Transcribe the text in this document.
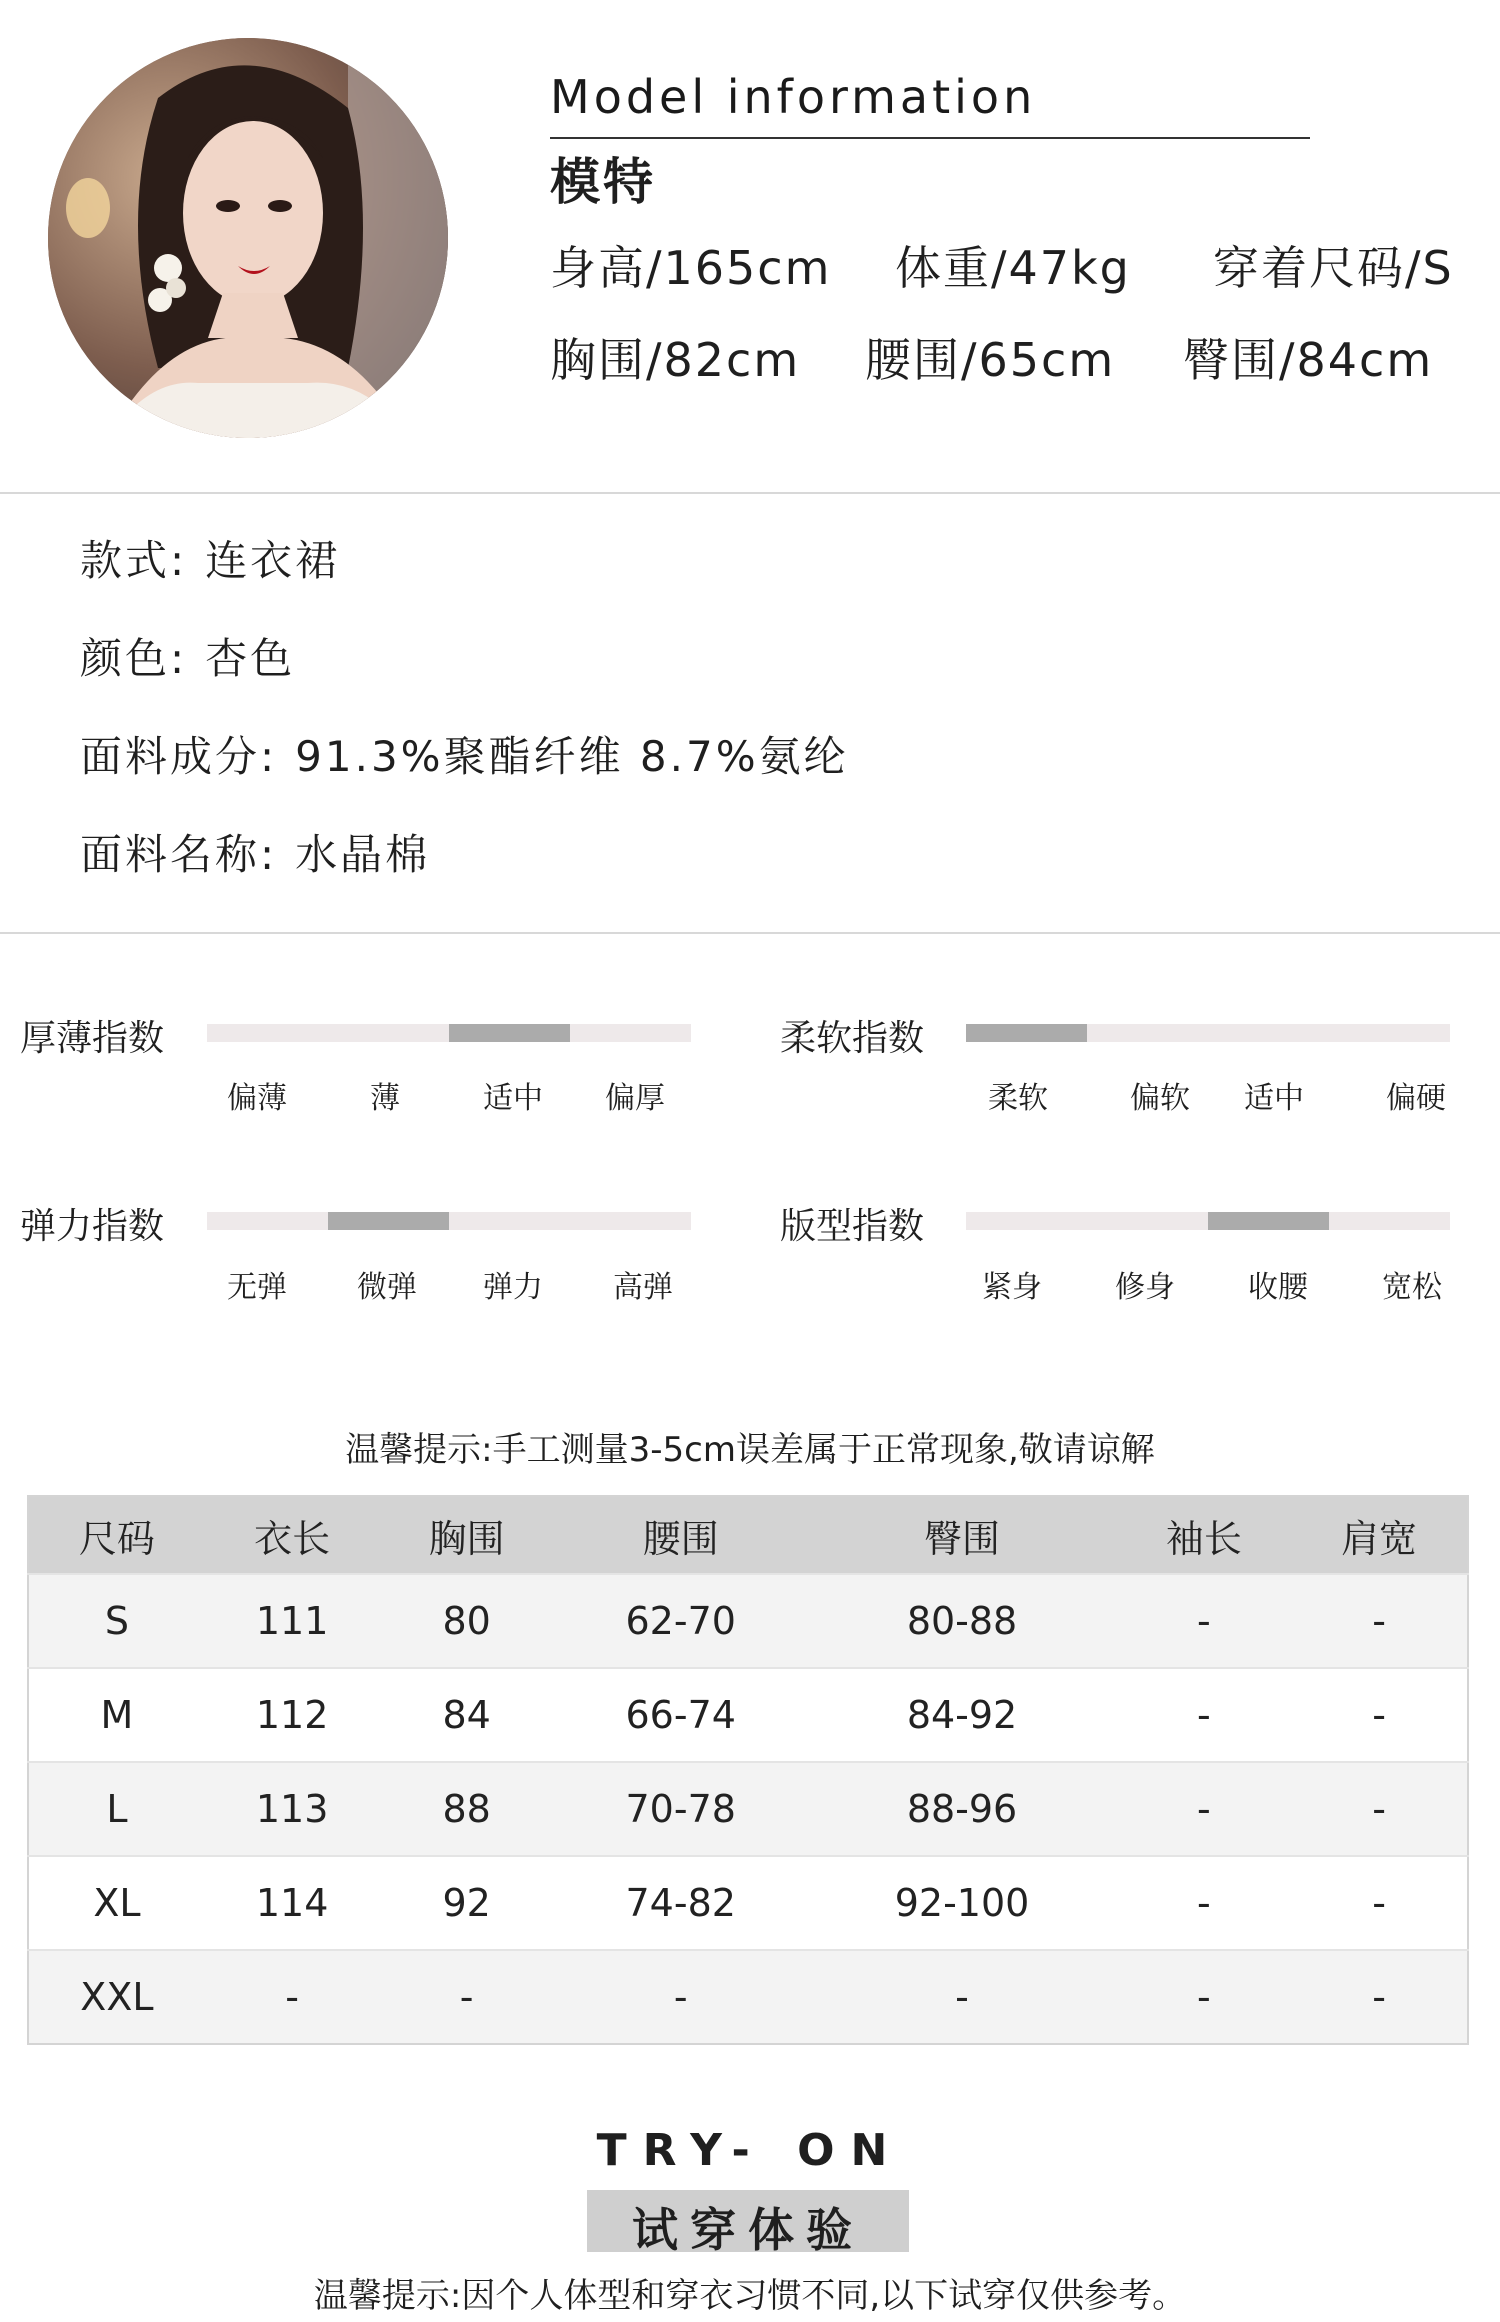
Model information
模特
身高/165cm 体重/47kg 穿着尺码/S
胸围/82cm 腰围/65cm 臀围/84cm
款式: 连衣裙
颜色: 杏色
面料成分: 91.3%聚酯纤维 8.7%氨纶
面料名称: 水晶棉
厚薄指数
偏薄	薄	适中	偏厚
柔软指数
柔软	偏软	适中	偏硬
弹力指数
无弹	微弹	弹力	高弹
版型指数
紧身	修身	收腰	宽松
温馨提示:手工测量3-5cm误差属于正常现象,敬请谅解
尺码	衣长	胸围	腰围	臀围	袖长	肩宽
S	111	80	62-70	80-88	-	-
M	112	84	66-74	84-92	-	-
L	113	88	70-78	88-96	-	-
XL	114	92	74-82	92-100	-	-
XXL	-	-	-	-	-	-
TRY- ON
试穿体验
温馨提示:因个人体型和穿衣习惯不同,以下试穿仅供参考。
